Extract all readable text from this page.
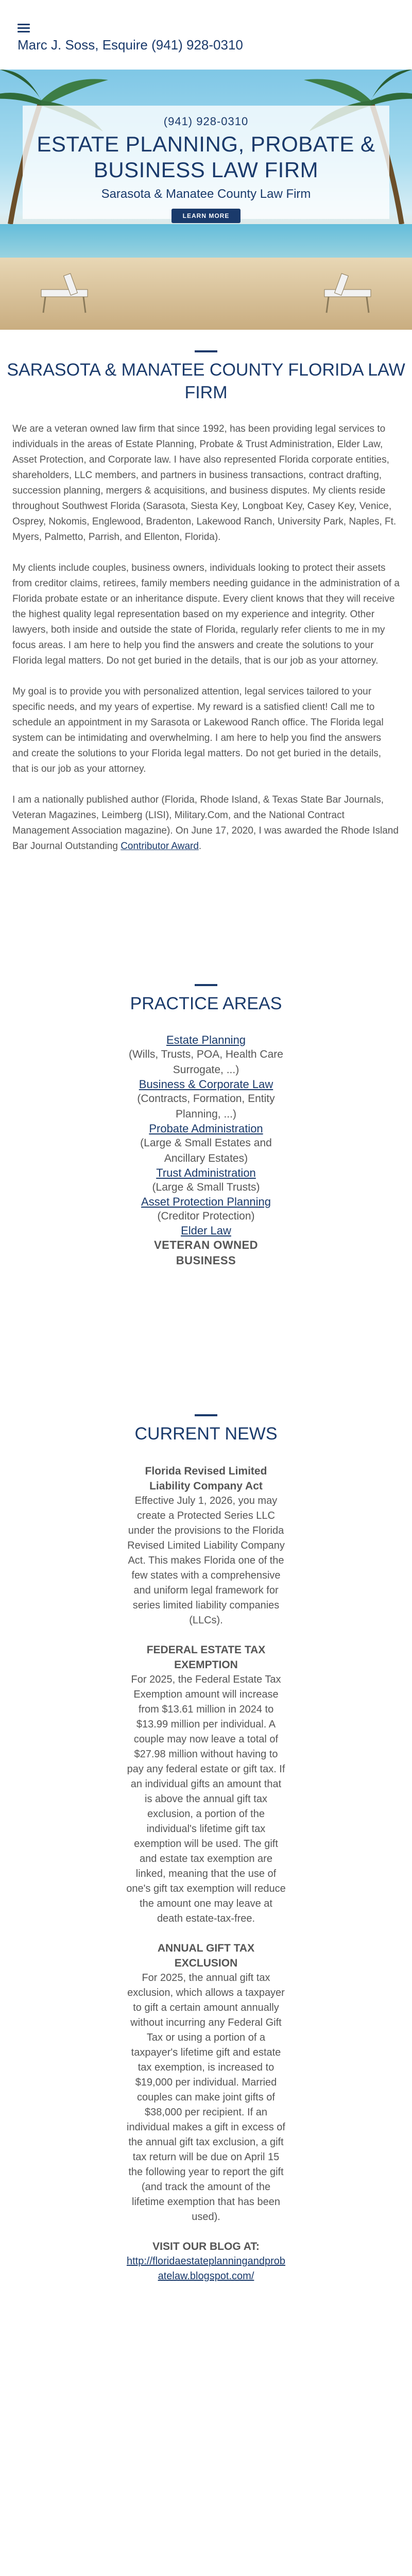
Marc J. Soss, Esquire (941) 928-0310
(941) 928-0310
ESTATE PLANNING, PROBATE & BUSINESS LAW FIRM
Sarasota & Manatee County Law Firm
LEARN MORE
SARASOTA & MANATEE COUNTY FLORIDA LAW FIRM

We are a veteran owned law firm that since 1992, has been providing legal services to individuals in the areas of Estate Planning, Probate & Trust Administration, Elder Law, Asset Protection, and Corporate law. I have also represented Florida corporate entities, shareholders, LLC members, and partners in business transactions, contract drafting, succession planning, mergers & acquisitions, and business disputes. My clients reside throughout Southwest Florida (Sarasota, Siesta Key, Longboat Key, Casey Key, Venice, Osprey, Nokomis, Englewood, Bradenton, Lakewood Ranch, University Park, Naples, Ft. Myers, Palmetto, Parrish, and Ellenton, Florida).

My clients include couples, business owners, individuals looking to protect their assets from creditor claims, retirees, family members needing guidance in the administration of a Florida probate estate or an inheritance dispute. Every client knows that they will receive the highest quality legal representation based on my experience and integrity. Other lawyers, both inside and outside the state of Florida, regularly refer clients to me in my focus areas. I am here to help you find the answers and create the solutions to your Florida legal matters. Do not get buried in the details, that is our job as your attorney.

My goal is to provide you with personalized attention, legal services tailored to your specific needs, and my years of expertise. My reward is a satisfied client! Call me to schedule an appointment in my Sarasota or Lakewood Ranch office. The Florida legal system can be intimidating and overwhelming. I am here to help you find the answers and create the solutions to your Florida legal matters. Do not get buried in the details, that is our job as your attorney.

I am a nationally published author (Florida, Rhode Island, & Texas State Bar Journals, Veteran Magazines, Leimberg (LISI), Military.Com, and the National Contract Management Association magazine). On June 17, 2020, I was awarded the Rhode Island Bar Journal Outstanding Contributor Award.

PRACTICE AREAS
Estate Planning
(Wills, Trusts, POA, Health Care Surrogate, ...)
Business & Corporate Law
(Contracts, Formation, Entity Planning, ...)
Probate Administration
(Large & Small Estates and Ancillary Estates)
Trust Administration
(Large & Small Trusts)
Asset Protection Planning
(Creditor Protection)
Elder Law
VETERAN OWNED BUSINESS
CURRENT NEWS
Florida Revised Limited Liability Company Act
Effective July 1, 2026, you may create a Protected Series LLC under the provisions to the Florida Revised Limited Liability Company Act. This makes Florida one of the few states with a comprehensive and uniform legal framework for series limited liability companies (LLCs).
FEDERAL ESTATE TAX EXEMPTION
For 2025, the Federal Estate Tax Exemption amount will increase from $13.61 million in 2024 to $13.99 million per individual. A couple may now leave a total of $27.98 million without having to pay any federal estate or gift tax. If an individual gifts an amount that is above the annual gift tax exclusion, a portion of the individual's lifetime gift tax exemption will be used. The gift and estate tax exemption are linked, meaning that the use of one's gift tax exemption will reduce the amount one may leave at death estate-tax-free.
ANNUAL GIFT TAX EXCLUSION
For 2025, the annual gift tax exclusion, which allows a taxpayer to gift a certain amount annually without incurring any Federal Gift Tax or using a portion of a taxpayer's lifetime gift and estate tax exemption, is increased to $19,000 per individual. Married couples can make joint gifts of $38,000 per recipient. If an individual makes a gift in excess of the annual gift tax exclusion, a gift tax return will be due on April 15 the following year to report the gift (and track the amount of the lifetime exemption that has been used).
VISIT OUR BLOG AT:
http://floridaestateplanningandprobatelaw.blogspot.com/
